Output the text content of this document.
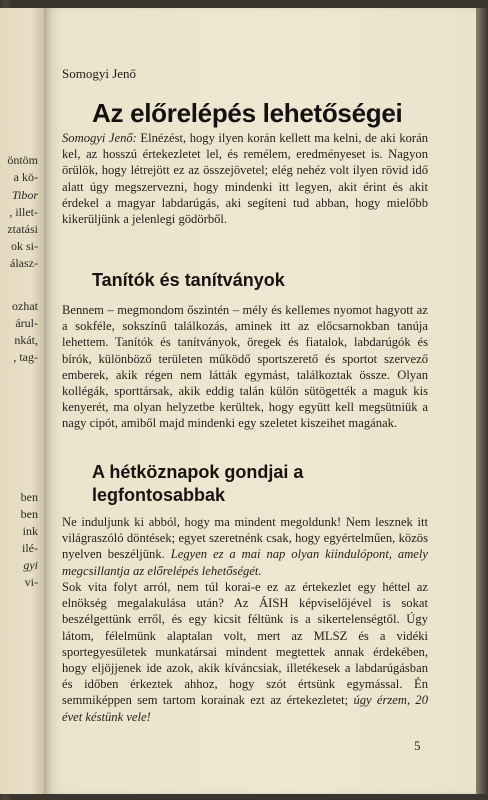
öntöm
a kö-
Tibor
, illet-
ztatási
ok si-
álasz-
ozhat
árul-
nkát,
, tag-
ben
ben
ink
ilé-
gyi
vi-
Somogyi Jenő
Az előrelépés lehetőségei

Somogyi Jenő: Elnézést, hogy ilyen korán kellett ma kelni, de aki korán kel, az hosszú értekezletet lel, és remélem, eredményeset is. Nagyon örülök, hogy létrejött ez az összejövetel; elég nehéz volt ilyen rövid idő alatt úgy megszervezni, hogy mindenki itt legyen, akit érint és akit érdekel a magyar labdarúgás, aki segíteni tud abban, hogy mielőbb kikerüljünk a jelenlegi gödörből.

Tanítók és tanítványok

Bennem – megmondom őszintén – mély és kellemes nyomot hagyott az a sokféle, sokszínű találkozás, aminek itt az előcsarnokban tanúja lehettem. Tanítók és tanítványok, öregek és fiatalok, labdarúgók és bírók, különböző területen működő sportszerető és sportot szervező emberek, akik régen nem látták egymást, találkoztak össze. Olyan kollégák, sporttársak, akik eddig talán külön sütögették a maguk kis kenyerét, ma olyan helyzetbe kerültek, hogy együtt kell megsütniük a nagy cipót, amiből majd mindenki egy szeletet kiszeihet magának.

A hétköznapok gondjai a legfontosabbak

Ne induljunk ki abból, hogy ma mindent megoldunk! Nem lesznek itt világraszóló döntések; egyet szeretnénk csak, hogy egyértelműen, közös nyelven beszéljünk. Legyen ez a mai nap olyan kiindulópont, amely megcsillantja az előrelépés lehetőségét.

Sok vita folyt arról, nem túl korai-e ez az értekezlet egy héttel az elnökség megalakulása után? Az ÁISH képviselőjével is sokat beszélgettünk erről, és egy kicsit féltünk is a sikertelenségtől. Úgy látom, félelmünk alaptalan volt, mert az MLSZ és a vidéki sportegyesületek munkatársai mindent megtettek annak érdekében, hogy eljöjjenek ide azok, akik kíváncsiak, illetékesek a labdarúgásban és időben érkeztek ahhoz, hogy szót értsünk egymással. Én semmiképpen sem tartom korainak ezt az értekezletet; úgy érzem, 20 évet késtünk vele!

5
